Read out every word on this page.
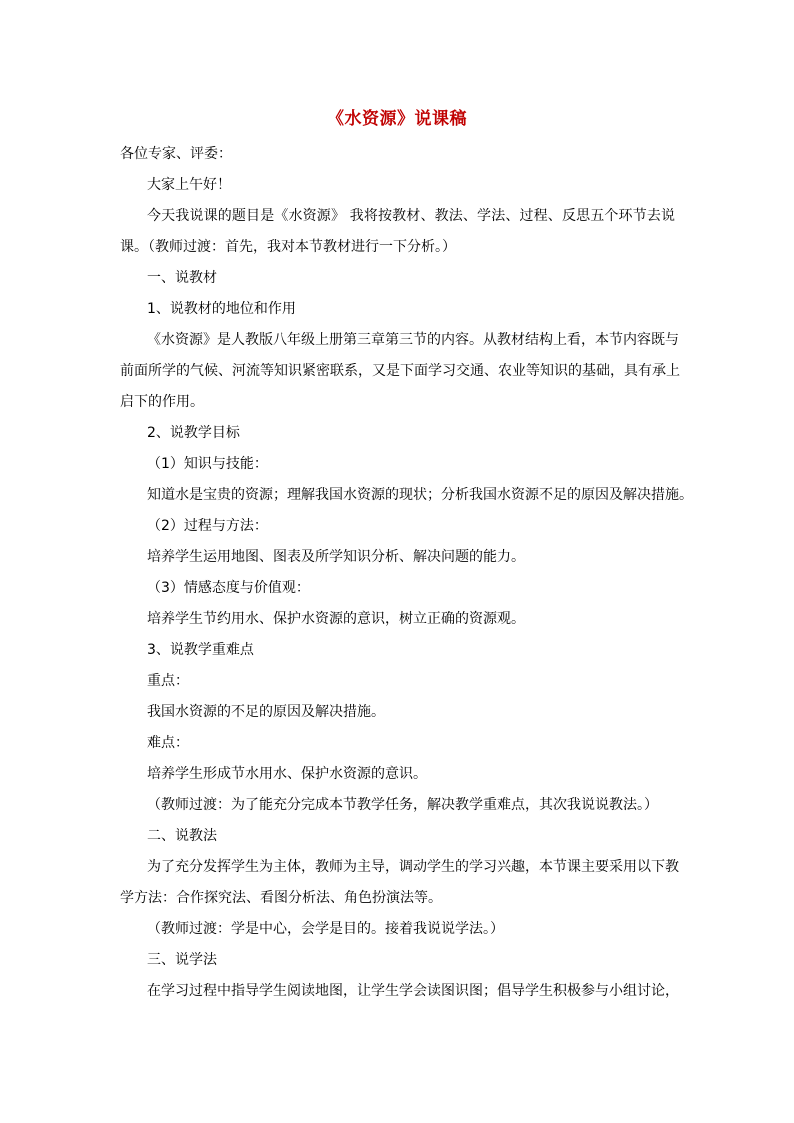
《水资源》说课稿
各位专家、评委：
大家上午好！
今天我说课的题目是《水资源》 我将按教材、教法、学法、过程、反思五个环节去说
课。（教师过渡：首先，我对本节教材进行一下分析。）
一、说教材
1、说教材的地位和作用
《水资源》是人教版八年级上册第三章第三节的内容。从教材结构上看，本节内容既与
前面所学的气候、河流等知识紧密联系，又是下面学习交通、农业等知识的基础，具有承上
启下的作用。
2、说教学目标
（1）知识与技能：
知道水是宝贵的资源；理解我国水资源的现状；分析我国水资源不足的原因及解决措施。
（2）过程与方法：
培养学生运用地图、图表及所学知识分析、解决问题的能力。
（3）情感态度与价值观：
培养学生节约用水、保护水资源的意识，树立正确的资源观。
3、说教学重难点
重点：
我国水资源的不足的原因及解决措施。
难点：
培养学生形成节水用水、保护水资源的意识。
（教师过渡：为了能充分完成本节教学任务，解决教学重难点，其次我说说教法。）
二、说教法
为了充分发挥学生为主体，教师为主导，调动学生的学习兴趣，本节课主要采用以下教
学方法：合作探究法、看图分析法、角色扮演法等。
（教师过渡：学是中心，会学是目的。接着我说说学法。）
三、说学法
在学习过程中指导学生阅读地图，让学生学会读图识图；倡导学生积极参与小组讨论，
